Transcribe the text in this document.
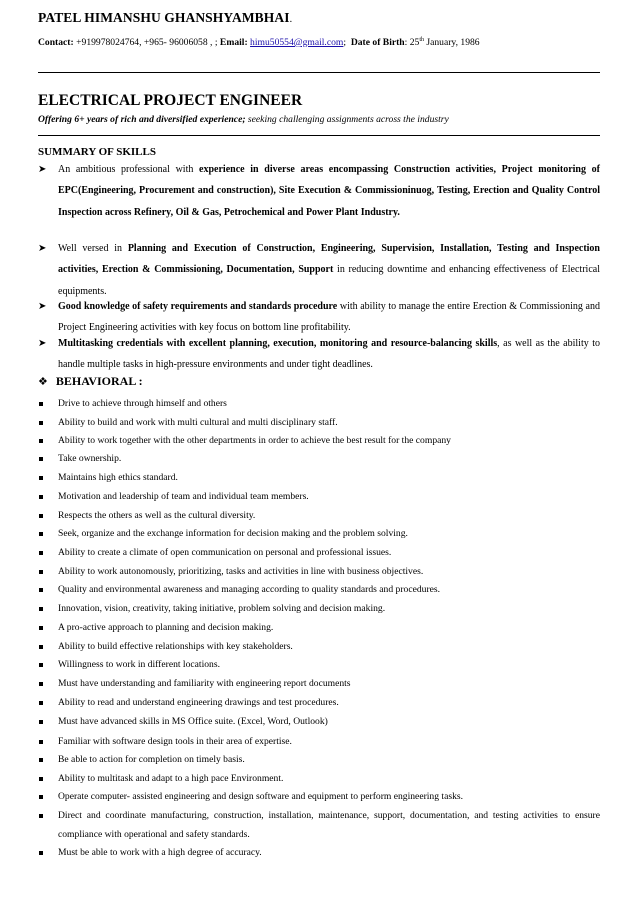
PATEL HIMANSHU GHANSHYAMBHAI.
Contact: +919978024764, +965- 96006058 , ; Email: himu50554@gmail.com; Date of Birth: 25th January, 1986
ELECTRICAL PROJECT ENGINEER
Offering 6+ years of rich and diversified experience; seeking challenging assignments across the industry
SUMMARY OF SKILLS
➤ An ambitious professional with experience in diverse areas encompassing Construction activities, Project monitoring of EPC(Engineering, Procurement and construction), Site Execution & Commissioninuog, Testing, Erection and Quality Control Inspection across Refinery, Oil & Gas, Petrochemical and Power Plant Industry.
➤ Well versed in Planning and Execution of Construction, Engineering, Supervision, Installation, Testing and Inspection activities, Erection & Commissioning, Documentation, Support in reducing downtime and enhancing effectiveness of Electrical equipments.
➤ Good knowledge of safety requirements and standards procedure with ability to manage the entire Erection & Commissioning and Project Engineering activities with key focus on bottom line profitability.
➤ Multitasking credentials with excellent planning, execution, monitoring and resource-balancing skills, as well as the ability to handle multiple tasks in high-pressure environments and under tight deadlines.
❖ BEHAVIORAL :
Drive to achieve through himself and others
Ability to build and work with multi cultural and multi disciplinary staff.
Ability to work together with the other departments in order to achieve the best result for the company
Take ownership.
Maintains high ethics standard.
Motivation and leadership of team and individual team members.
Respects the others as well as the cultural diversity.
Seek, organize and the exchange information for decision making and the problem solving.
Ability to create a climate of open communication on personal and professional issues.
Ability to work autonomously, prioritizing, tasks and activities in line with business objectives.
Quality and environmental awareness and managing according to quality standards and procedures.
Innovation, vision, creativity, taking initiative, problem solving and decision making.
A pro-active approach to planning and decision making.
Ability to build effective relationships with key stakeholders.
Willingness to work in different locations.
Must have understanding and familiarity with engineering report documents
Ability to read and understand engineering drawings and test procedures.
Must have advanced skills in MS Office suite. (Excel, Word, Outlook)
Familiar with software design tools in their area of expertise.
Be able to action for completion on timely basis.
Ability to multitask and adapt to a high pace Environment.
Operate computer- assisted engineering and design software and equipment to perform engineering tasks.
Direct and coordinate manufacturing, construction, installation, maintenance, support, documentation, and testing activities to ensure compliance with operational and safety standards.
Must be able to work with a high degree of accuracy.
